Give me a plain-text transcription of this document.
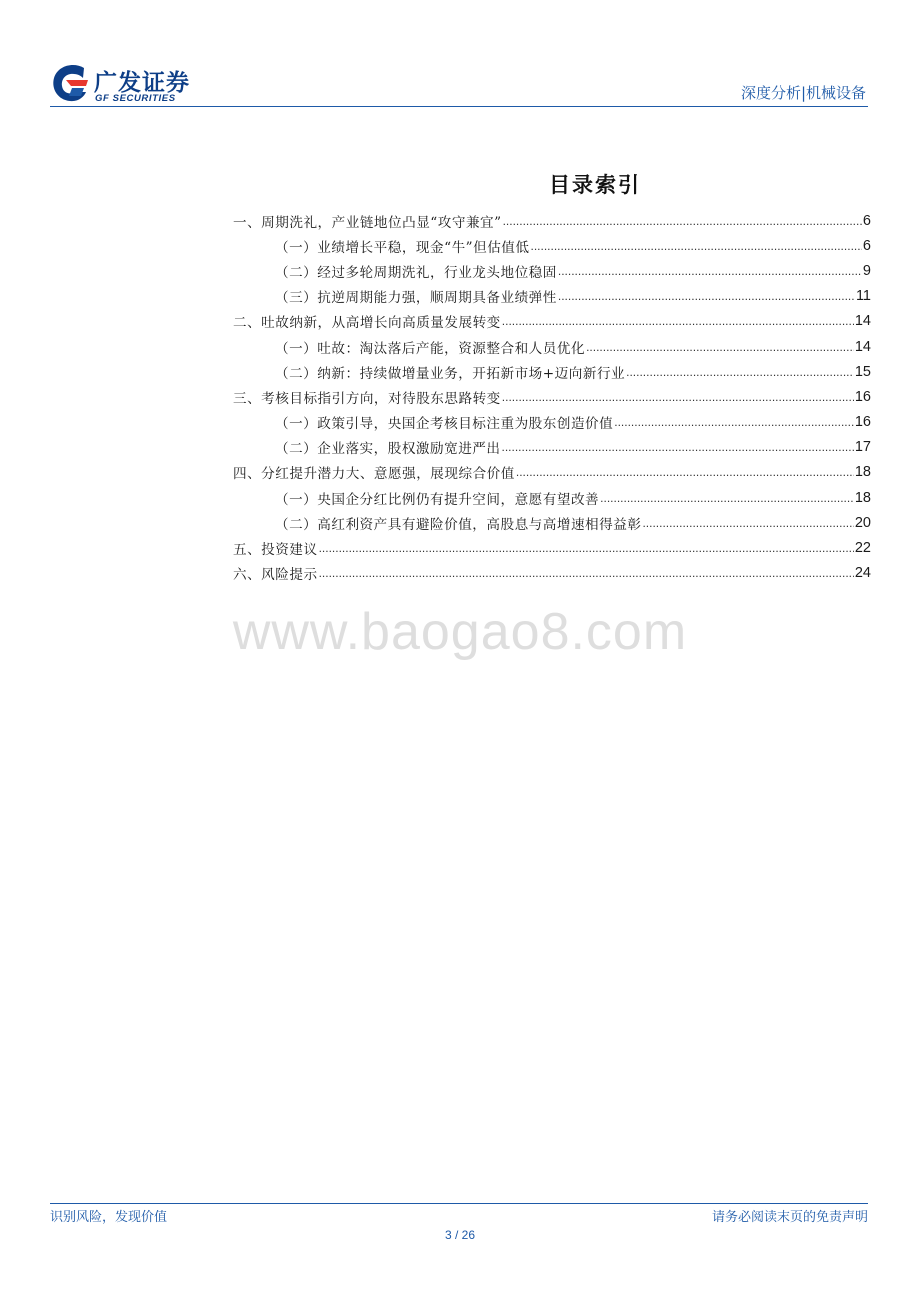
广发证券
GF SECURITIES	深度分析|机械设备
目录索引
一、周期洗礼，产业链地位凸显“攻守兼宜” .....	6
（一）业绩增长平稳，现金“牛”但估值低 .....	6
（二）经过多轮周期洗礼，行业龙头地位稳固 .....	9
（三）抗逆周期能力强，顺周期具备业绩弹性 .....	11
二、吐故纳新，从高增长向高质量发展转变 .....	14
（一）吐故：淘汰落后产能，资源整合和人员优化 .....	14
（二）纳新：持续做增量业务，开拓新市场+迈向新行业 .....	15
三、考核目标指引方向，对待股东思路转变 .....	16
（一）政策引导，央国企考核目标注重为股东创造价值 .....	16
（二）企业落实，股权激励宽进严出 .....	17
四、分红提升潜力大、意愿强，展现综合价值 .....	18
（一）央国企分红比例仍有提升空间，意愿有望改善 .....	18
（二）高红利资产具有避险价值，高股息与高增速相得益彰 .....	20
五、投资建议 .....	22
六、风险提示 .....	24
www.baogao8.com
识别风险，发现价值	请务必阅读末页的免责声明
3 / 26
